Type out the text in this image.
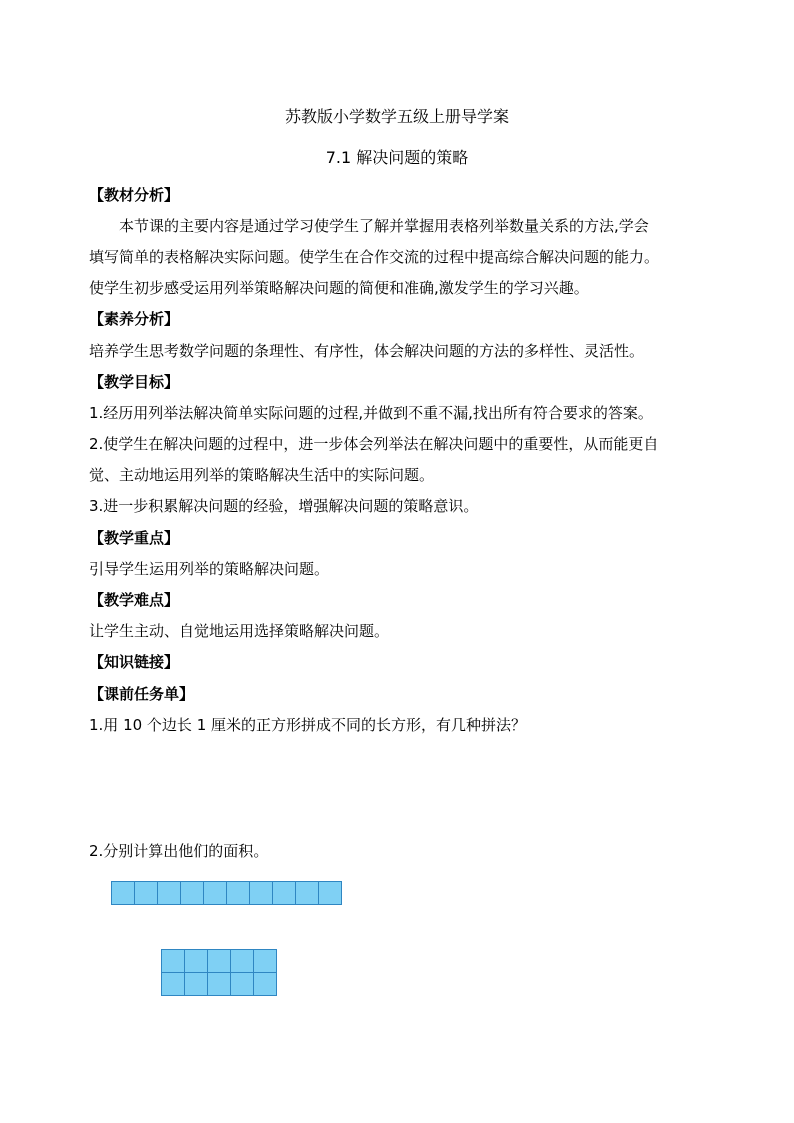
苏教版小学数学五级上册导学案
7.1 解决问题的策略
【教材分析】
本节课的主要内容是通过学习使学生了解并掌握用表格列举数量关系的方法,学会
填写简单的表格解决实际问题。使学生在合作交流的过程中提高综合解决问题的能力。
使学生初步感受运用列举策略解决问题的简便和准确,激发学生的学习兴趣。
【素养分析】
培养学生思考数学问题的条理性、有序性，体会解决问题的方法的多样性、灵活性。
【教学目标】
1.经历用列举法解决简单实际问题的过程,并做到不重不漏,找出所有符合要求的答案。
2.使学生在解决问题的过程中，进一步体会列举法在解决问题中的重要性，从而能更自
觉、主动地运用列举的策略解决生活中的实际问题。
3.进一步积累解决问题的经验，增强解决问题的策略意识。
【教学重点】
引导学生运用列举的策略解决问题。
【教学难点】
让学生主动、自觉地运用选择策略解决问题。
【知识链接】
【课前任务单】
1.用 10 个边长 1 厘米的正方形拼成不同的长方形，有几种拼法？
2.分别计算出他们的面积。
